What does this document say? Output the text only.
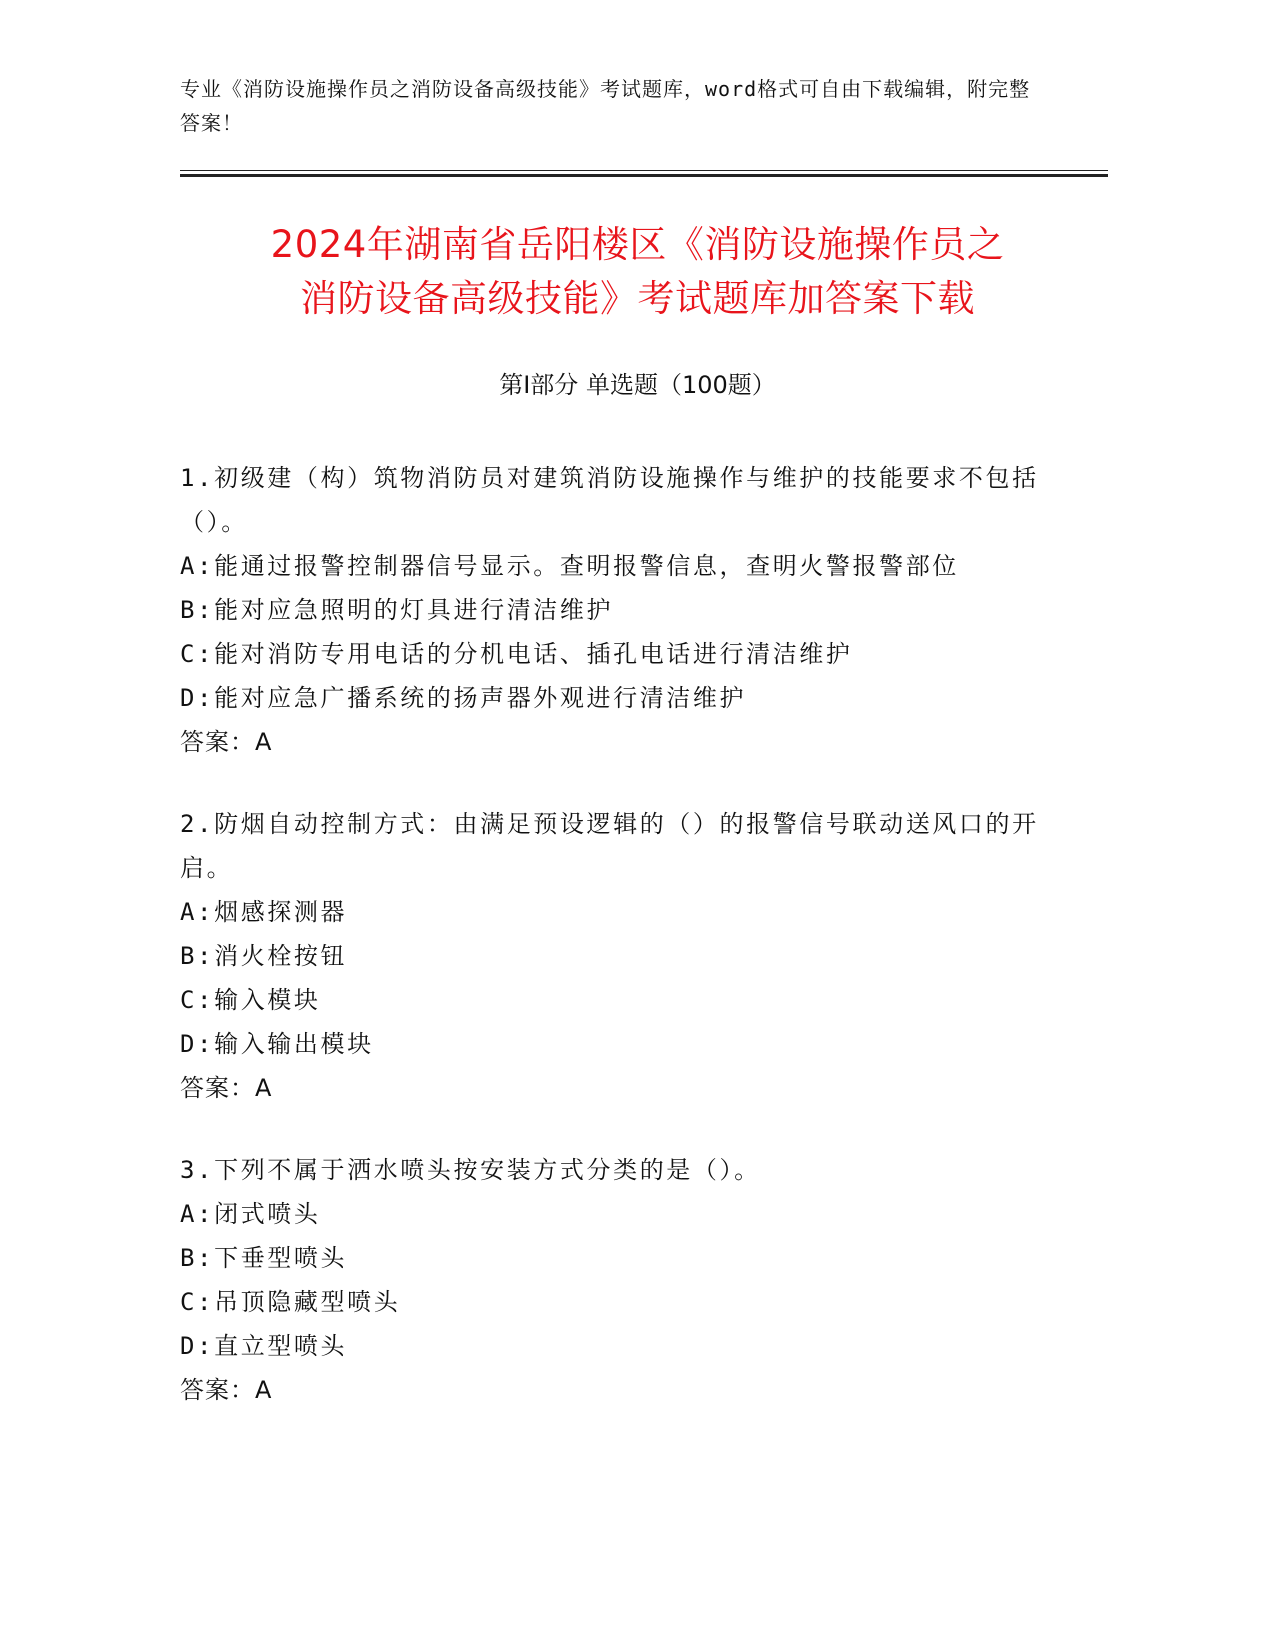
专业《消防设施操作员之消防设备高级技能》考试题库，word格式可自由下载编辑，附完整答案！
2024年湖南省岳阳楼区《消防设施操作员之
消防设备高级技能》考试题库加答案下载
第Ⅰ部分 单选题（100题）
1.初级建（构）筑物消防员对建筑消防设施操作与维护的技能要求不包括（）。
A:能通过报警控制器信号显示。查明报警信息，查明火警报警部位
B:能对应急照明的灯具进行清洁维护
C:能对消防专用电话的分机电话、插孔电话进行清洁维护
D:能对应急广播系统的扬声器外观进行清洁维护
答案：A
2.防烟自动控制方式：由满足预设逻辑的（）的报警信号联动送风口的开启。
A:烟感探测器
B:消火栓按钮
C:输入模块
D:输入输出模块
答案：A
3.下列不属于洒水喷头按安装方式分类的是（）。
A:闭式喷头
B:下垂型喷头
C:吊顶隐藏型喷头
D:直立型喷头
答案：A
